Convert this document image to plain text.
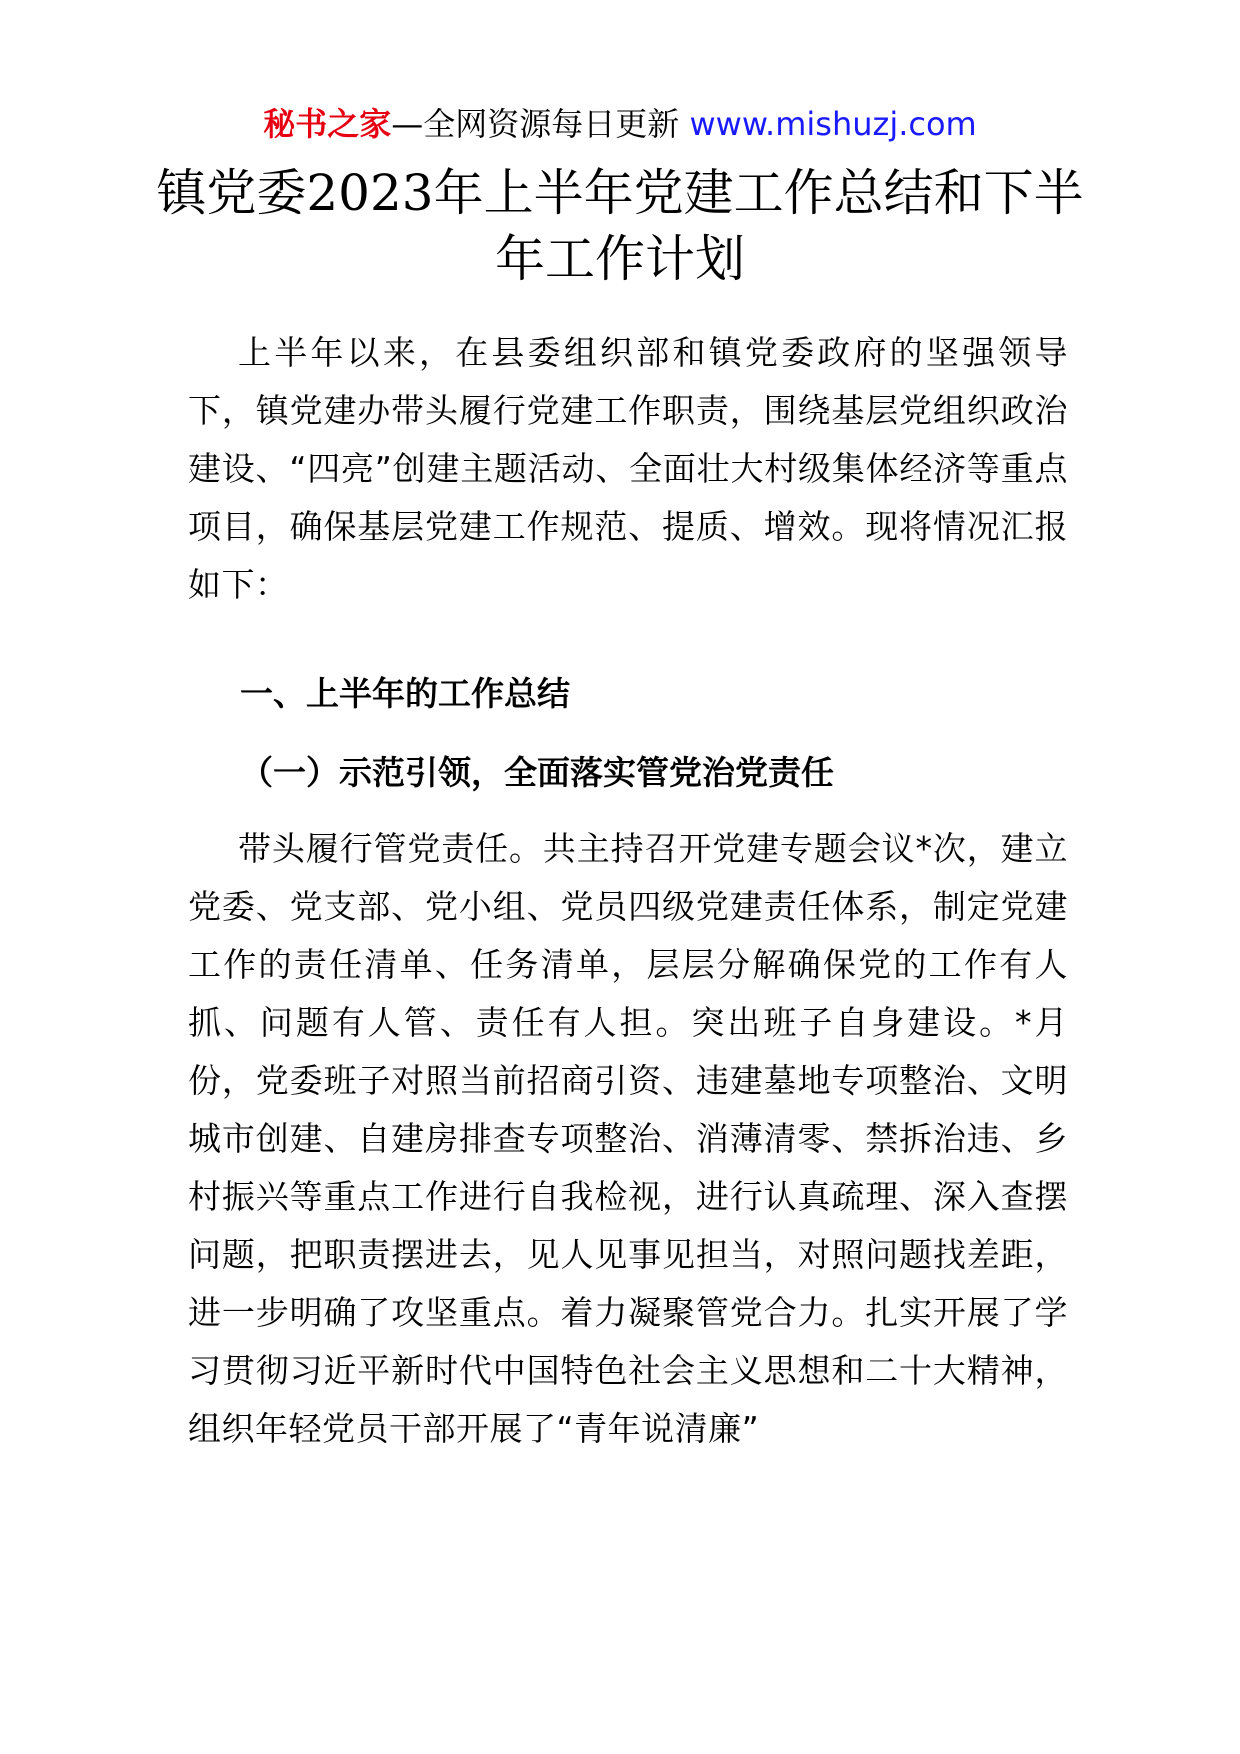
秘书之家—全网资源每日更新 www.mishuzj.com
镇党委2023年上半年党建工作总结和下半年工作计划

上半年以来，在县委组织部和镇党委政府的坚强领导下，镇党建办带头履行党建工作职责，围绕基层党组织政治建设、“四亮”创建主题活动、全面壮大村级集体经济等重点项目，确保基层党建工作规范、提质、增效。现将情况汇报如下：

一、上半年的工作总结
（一）示范引领，全面落实管党治党责任

带头履行管党责任。共主持召开党建专题会议*次，建立党委、党支部、党小组、党员四级党建责任体系，制定党建工作的责任清单、任务清单，层层分解确保党的工作有人抓、问题有人管、责任有人担。突出班子自身建设。*月份，党委班子对照当前招商引资、违建墓地专项整治、文明城市创建、自建房排查专项整治、消薄清零、禁拆治违、乡村振兴等重点工作进行自我检视，进行认真疏理、深入查摆问题，把职责摆进去，见人见事见担当，对照问题找差距，进一步明确了攻坚重点。着力凝聚管党合力。扎实开展了学习贯彻习近平新时代中国特色社会主义思想和二十大精神，组织年轻党员干部开展了“青年说清廉”
